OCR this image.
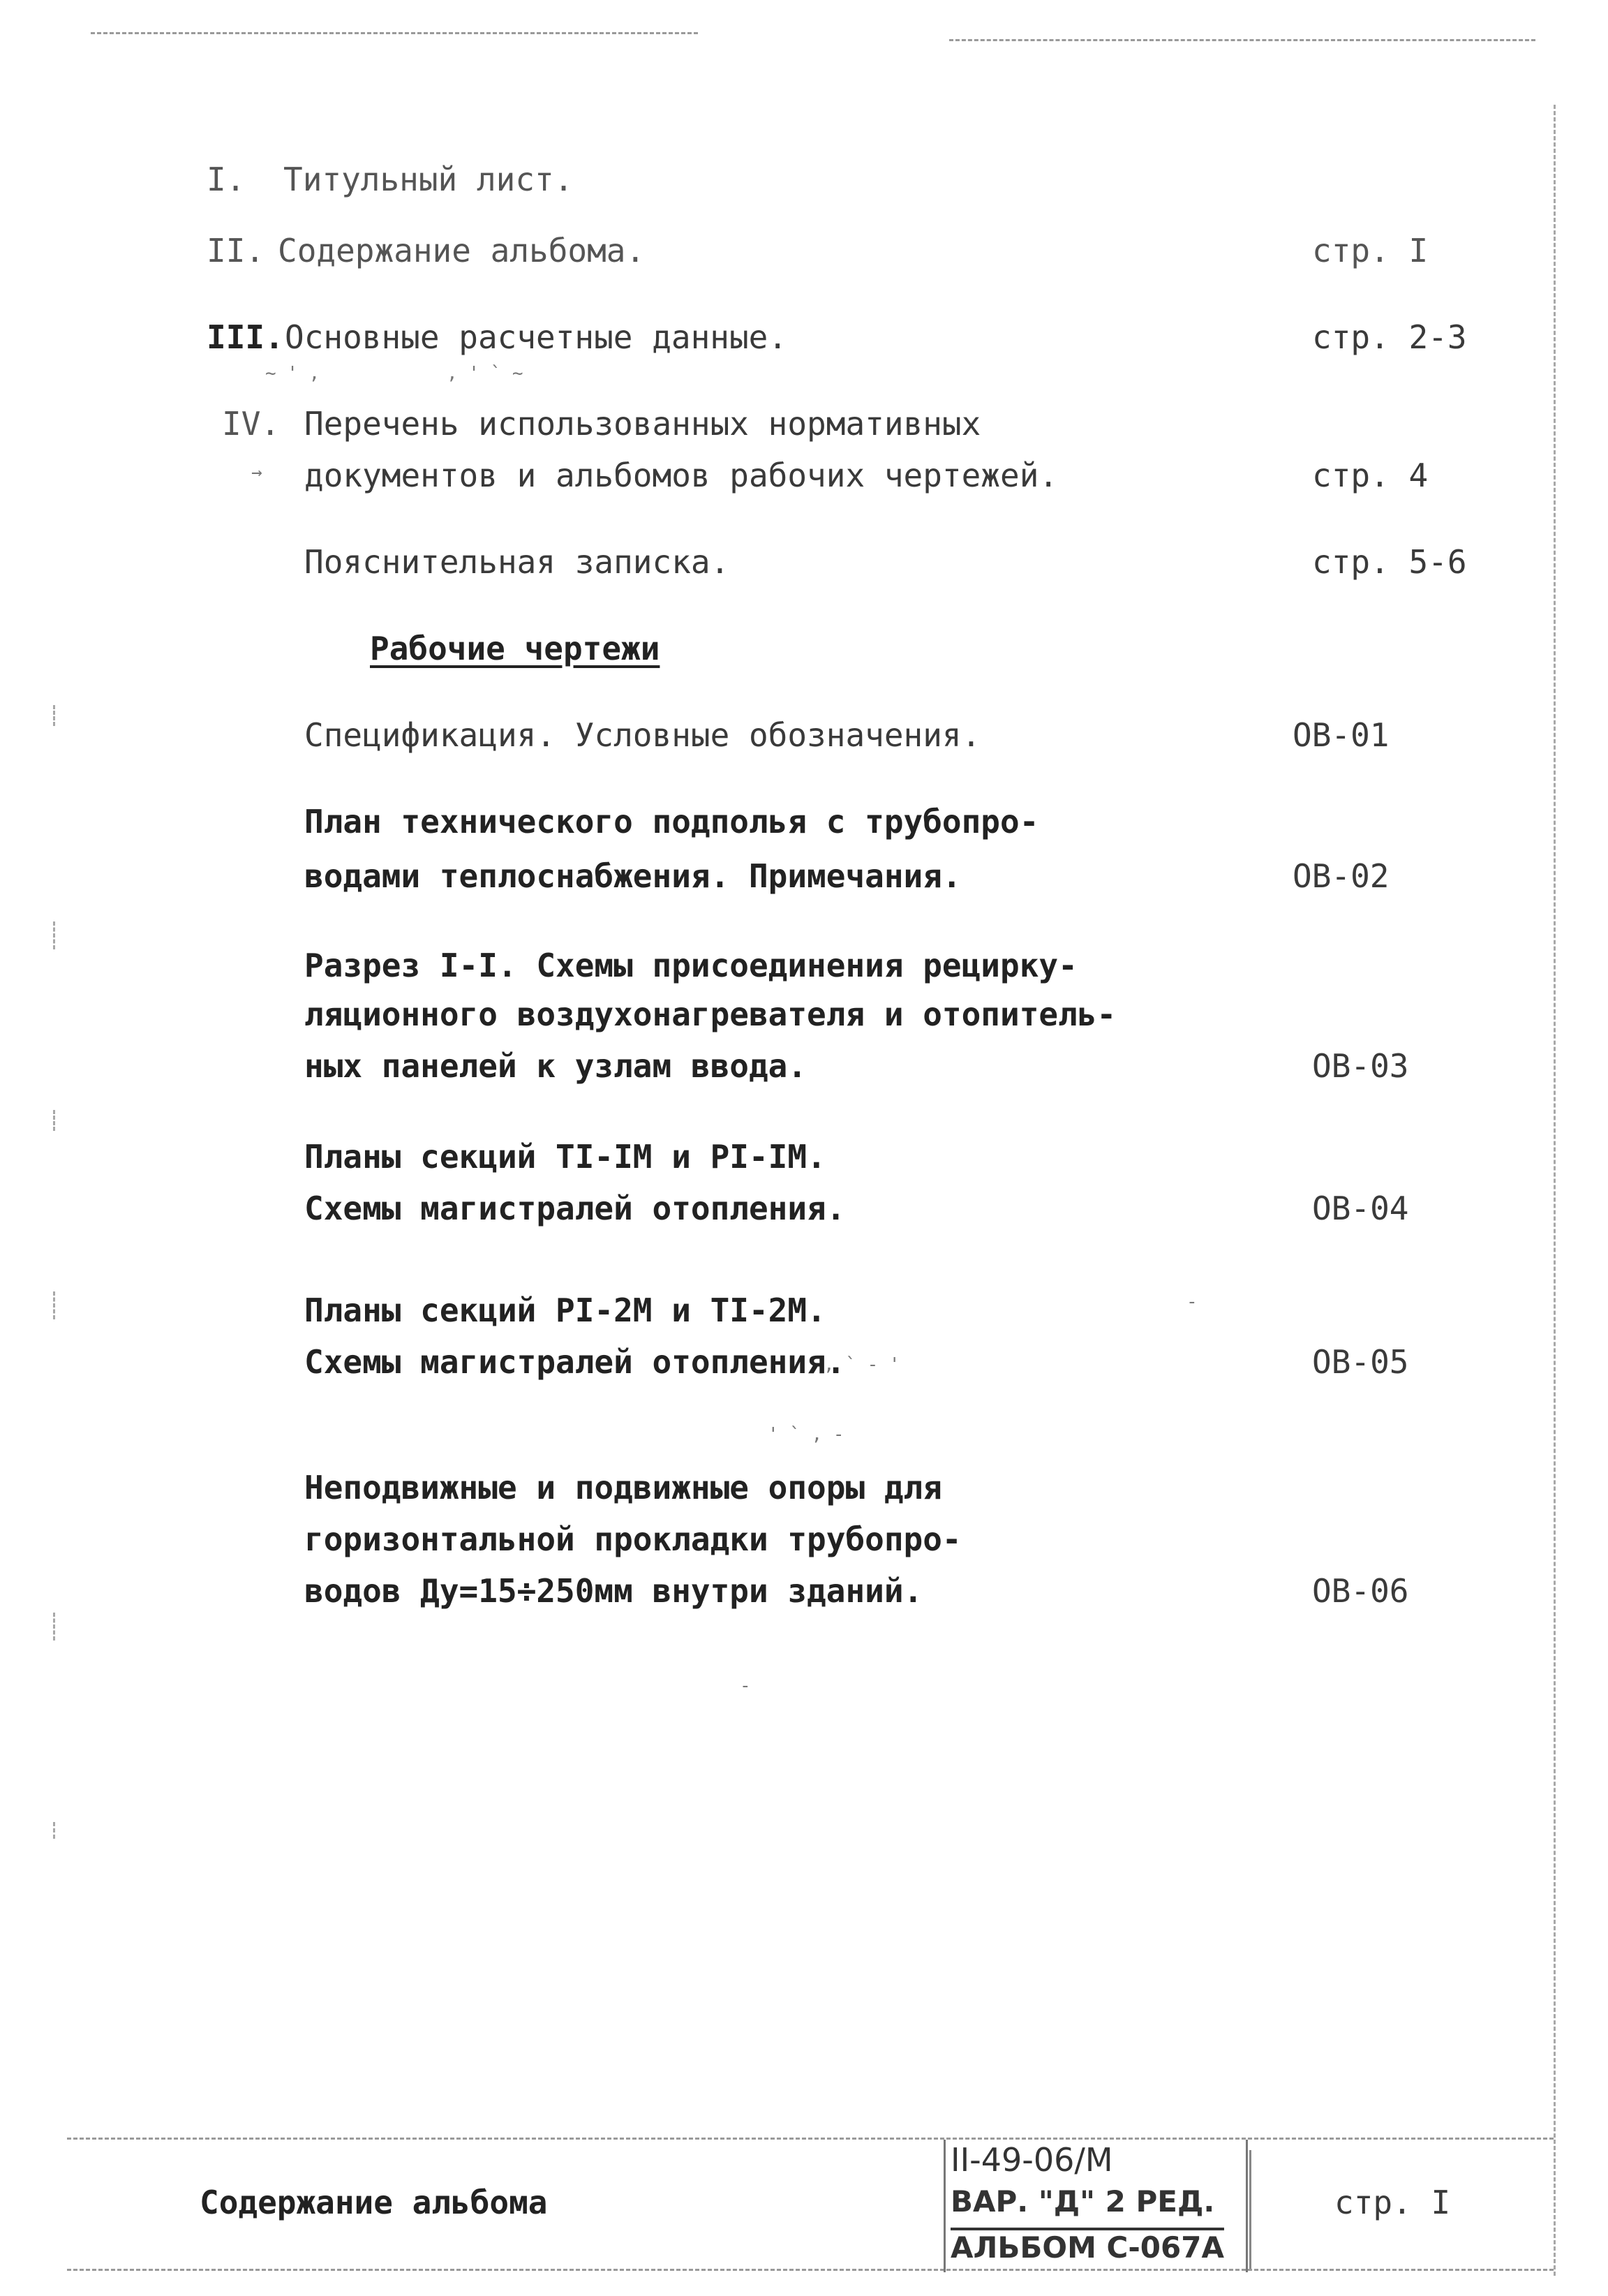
I. Титульный лист.
II. Содержание альбома.	стр. I
III. Основные расчетные данные.	стр. 2-3
IV. Перечень использованных нормативных
документов и альбомов рабочих чертежей.	стр. 4
Пояснительная записка.	стр. 5-6
Рабочие чертежи
Спецификация. Условные обозначения.	ОВ-01
План технического подполья с трубопро-
водами теплоснабжения. Примечания.	ОВ-02
Разрез I-I. Схемы присоединения рецирку-
ляционного воздухонагревателя и отопитель-
ных панелей к узлам ввода.	ОВ-03
Планы секций TI-IM и PI-IM.
Схемы магистралей отопления.	ОВ-04
Планы секций PI-2M и TI-2M.
Схемы магистралей отопления.	ОВ-05
Неподвижные и подвижные опоры для
горизонтальной прокладки трубопро-
водов Ду=15÷250мм внутри зданий.	ОВ-06
~ ' ,	, ' ` ~
→
, ` - '
' ` , -
-
-
Содержание альбома
II-49-06/M
ВАР. "Д" 2 РЕД.
АЛЬБОМ С-067А
стр. I
